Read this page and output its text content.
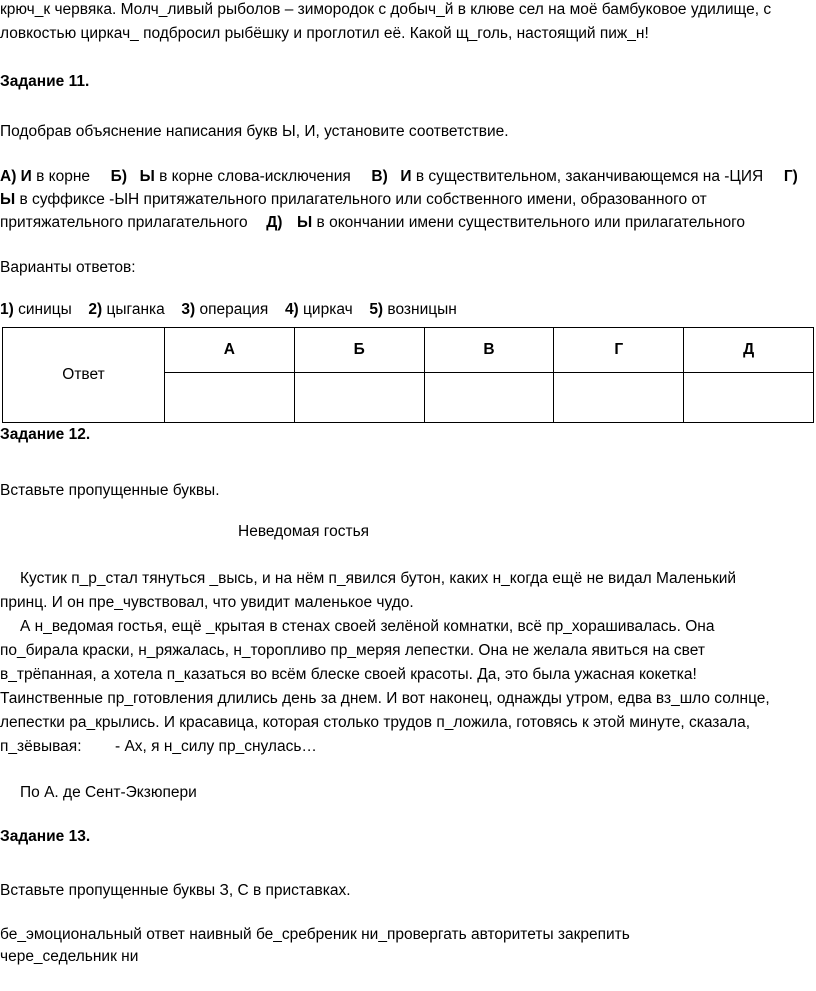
крюч_к червяка. Молч_ливый рыболов – зимородок с добыч_й в клюве сел на моё бамбуковое удилище, с
ловкостью циркач_ подбросил рыбёшку и проглотил её. Какой щ_голь, настоящий пиж_н!
Задание 11.
Подобрав объяснение написания букв Ы, И, установите соответствие.
А) И в корне Б) Ы в корне слова-исключения В) И в существительном, заканчивающемся на -ЦИЯ Г)
Ы в суффиксе -ЫН притяжательного прилагательного или собственного имени, образованного от
притяжательного прилагательного Д) Ы в окончании имени существительного или прилагательного
Варианты ответов:
1) синицы 2) цыганка 3) операция 4) циркач 5) возницын
Ответ	А	Б	В	Г	Д

Задание 12.
Вставьте пропущенные буквы.
Неведомая гостья
Кустик п_р_стал тянуться _высь, и на нём п_явился бутон, каких н_когда ещё не видал Маленький
принц. И он пре_чувствовал, что увидит маленькое чудо.
А н_ведомая гостья, ещё _крытая в стенах своей зелёной комнатки, всё пр_хорашивалась. Она
по_бирала краски, н_ряжалась, н_торопливо пр_меряя лепестки. Она не желала явиться на свет
в_трёпанная, а хотела п_казаться во всём блеске своей красоты. Да, это была ужасная кокетка!
Таинственные пр_готовления длились день за днем. И вот наконец, однажды утром, едва вз_шло солнце,
лепестки ра_крылись. И красавица, которая столько трудов п_ложила, готовясь к этой минуте, сказала,
п_зёвывая: - Ах, я н_силу пр_снулась…
По А. де Сент-Экзюпери
Задание 13.
Вставьте пропущенные буквы З, С в приставках.
бе_эмоциональный ответ наивный бе_сребреник ни_провергать авторитеты закрепить
чере_седельник ни
